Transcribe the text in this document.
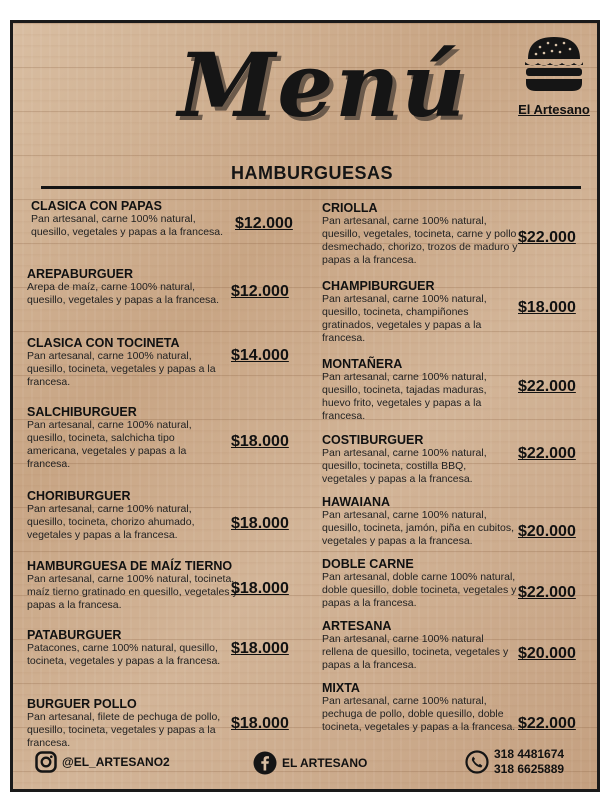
Menú	El Artesano
HAMBURGUESAS
CLASICA CON PAPAS
Pan artesanal, carne 100% natural, quesillo, vegetales y papas a la francesa. $12.000
AREPABURGUER
Arepa de maíz, carne 100% natural, quesillo, vegetales y papas a la francesa. $12.000
CLASICA CON TOCINETA
Pan artesanal, carne 100% natural, quesillo, tocineta, vegetales y papas a la francesa.
$14.000
SALCHIBURGUER
Pan artesanal, carne 100% natural, quesillo, tocineta, salchicha tipo americana, vegetales y papas a la francesa.
$18.000
CHORIBURGUER
Pan artesanal, carne 100% natural, quesillo, tocineta, chorizo ahumado, vegetales y papas a la francesa.
$18.000
HAMBURGUESA DE MAÍZ TIERNO
Pan artesanal, carne 100% natural, tocineta, maíz tierno gratinado en quesillo, vegetales y papas a la francesa.
$18.000
PATABURGUER
Patacones, carne 100% natural, quesillo, tocineta, vegetales y papas a la francesa.
$18.000
BURGUER POLLO
Pan artesanal, filete de pechuga de pollo, quesillo, tocineta, vegetales y papas a la francesa.
$18.000
CRIOLLA
Pan artesanal, carne 100% natural, quesillo, vegetales, tocineta, carne y pollo desmechado, chorizo, trozos de maduro y papas a la francesa.
$22.000
CHAMPIBURGUER
Pan artesanal, carne 100% natural, quesillo, tocineta, champiñones gratinados, vegetales y papas a la francesa.
$18.000
MONTAÑERA
Pan artesanal, carne 100% natural, quesillo, tocineta, tajadas maduras, huevo frito, vegetales y papas a la francesa.
$22.000
COSTIBURGUER
Pan artesanal, carne 100% natural, quesillo, tocineta, costilla BBQ, vegetales y papas a la francesa.
$22.000
HAWAIANA
Pan artesanal, carne 100% natural, quesillo, tocineta, jamón, piña en cubitos, vegetales y papas a la francesa.
$20.000
DOBLE CARNE
Pan artesanal, doble carne 100% natural, doble quesillo, doble tocineta, vegetales y papas a la francesa.
$22.000
ARTESANA
Pan artesanal, carne 100% natural rellena de quesillo, tocineta, vegetales y papas a la francesa.
$20.000
MIXTA
Pan artesanal, carne 100% natural, pechuga de pollo, doble quesillo, doble tocineta, vegetales y papas a la francesa. $22.000
@EL_ARTESANO2	EL ARTESANO
318 4481674
318 6625889
